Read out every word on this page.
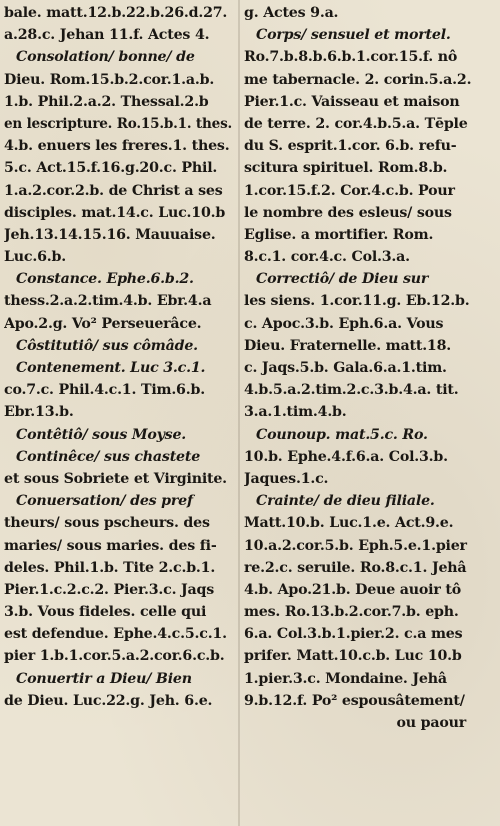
bale. matt.12.b.22.b.26.d.27.
a.28.c. Jehan 11.f. Actes 4.
Consolation/ bonne/ de
Dieu. Rom.15.b.2.cor.1.a.b.
1.b. Phil.2.a.2. Thessal.2.b
en lescripture. Ro.15.b.1. thes.
4.b. enuers les freres.1. thes.
5.c. Act.15.f.16.g.20.c. Phil.
1.a.2.cor.2.b. de Christ a ses
disciples. mat.14.c. Luc.10.b
Jeh.13.14.15.16. Mauuaise.
Luc.6.b.
Constance. Ephe.6.b.2.
thess.2.a.2.tim.4.b. Ebr.4.a
Apo.2.g. Vo² Perseuerâce.
Côstitutiô/ sus cômâde.
Contenement. Luc 3.c.1.
co.7.c. Phil.4.c.1. Tim.6.b.
Ebr.13.b.
Contêtiô/ sous Moyse.
Continêce/ sus chastete
et sous Sobriete et Virginite.
Conuersation/ des pref
theurs/ sous pscheurs. des
maries/ sous maries. des fi-
deles. Phil.1.b. Tite 2.c.b.1.
Pier.1.c.2.c.2. Pier.3.c. Jaqs
3.b. Vous fideles. celle qui
est defendue. Ephe.4.c.5.c.1.
pier 1.b.1.cor.5.a.2.cor.6.c.b.
Conuertir a Dieu/ Bien
de Dieu. Luc.22.g. Jeh. 6.e.
g. Actes 9.a.
Corps/ sensuel et mortel.
Ro.7.b.8.b.6.b.1.cor.15.f. nô
me tabernacle. 2. corin.5.a.2.
Pier.1.c. Vaisseau et maison
de terre. 2. cor.4.b.5.a. Tēple
du S. esprit.1.cor. 6.b. refu-
scitura spirituel. Rom.8.b.
1.cor.15.f.2. Cor.4.c.b. Pour
le nombre des esleus/ sous
Eglise. a mortifier. Rom.
8.c.1. cor.4.c. Col.3.a.
Correctiô/ de Dieu sur
les siens. 1.cor.11.g. Eb.12.b.
c. Apoc.3.b. Eph.6.a. Vous
Dieu. Fraternelle. matt.18.
c. Jaqs.5.b. Gala.6.a.1.tim.
4.b.5.a.2.tim.2.c.3.b.4.a. tit.
3.a.1.tim.4.b.
Counoup. mat.5.c. Ro.
10.b. Ephe.4.f.6.a. Col.3.b.
Jaques.1.c.
Crainte/ de dieu filiale.
Matt.10.b. Luc.1.e. Act.9.e.
10.a.2.cor.5.b. Eph.5.e.1.pier
re.2.c. seruile. Ro.8.c.1. Jehâ
4.b. Apo.21.b. Deue auoir tô
mes. Ro.13.b.2.cor.7.b. eph.
6.a. Col.3.b.1.pier.2. c.a mes
prifer. Matt.10.c.b. Luc 10.b
1.pier.3.c. Mondaine. Jehâ
9.b.12.f. Po² espousâtement/
ou paour
